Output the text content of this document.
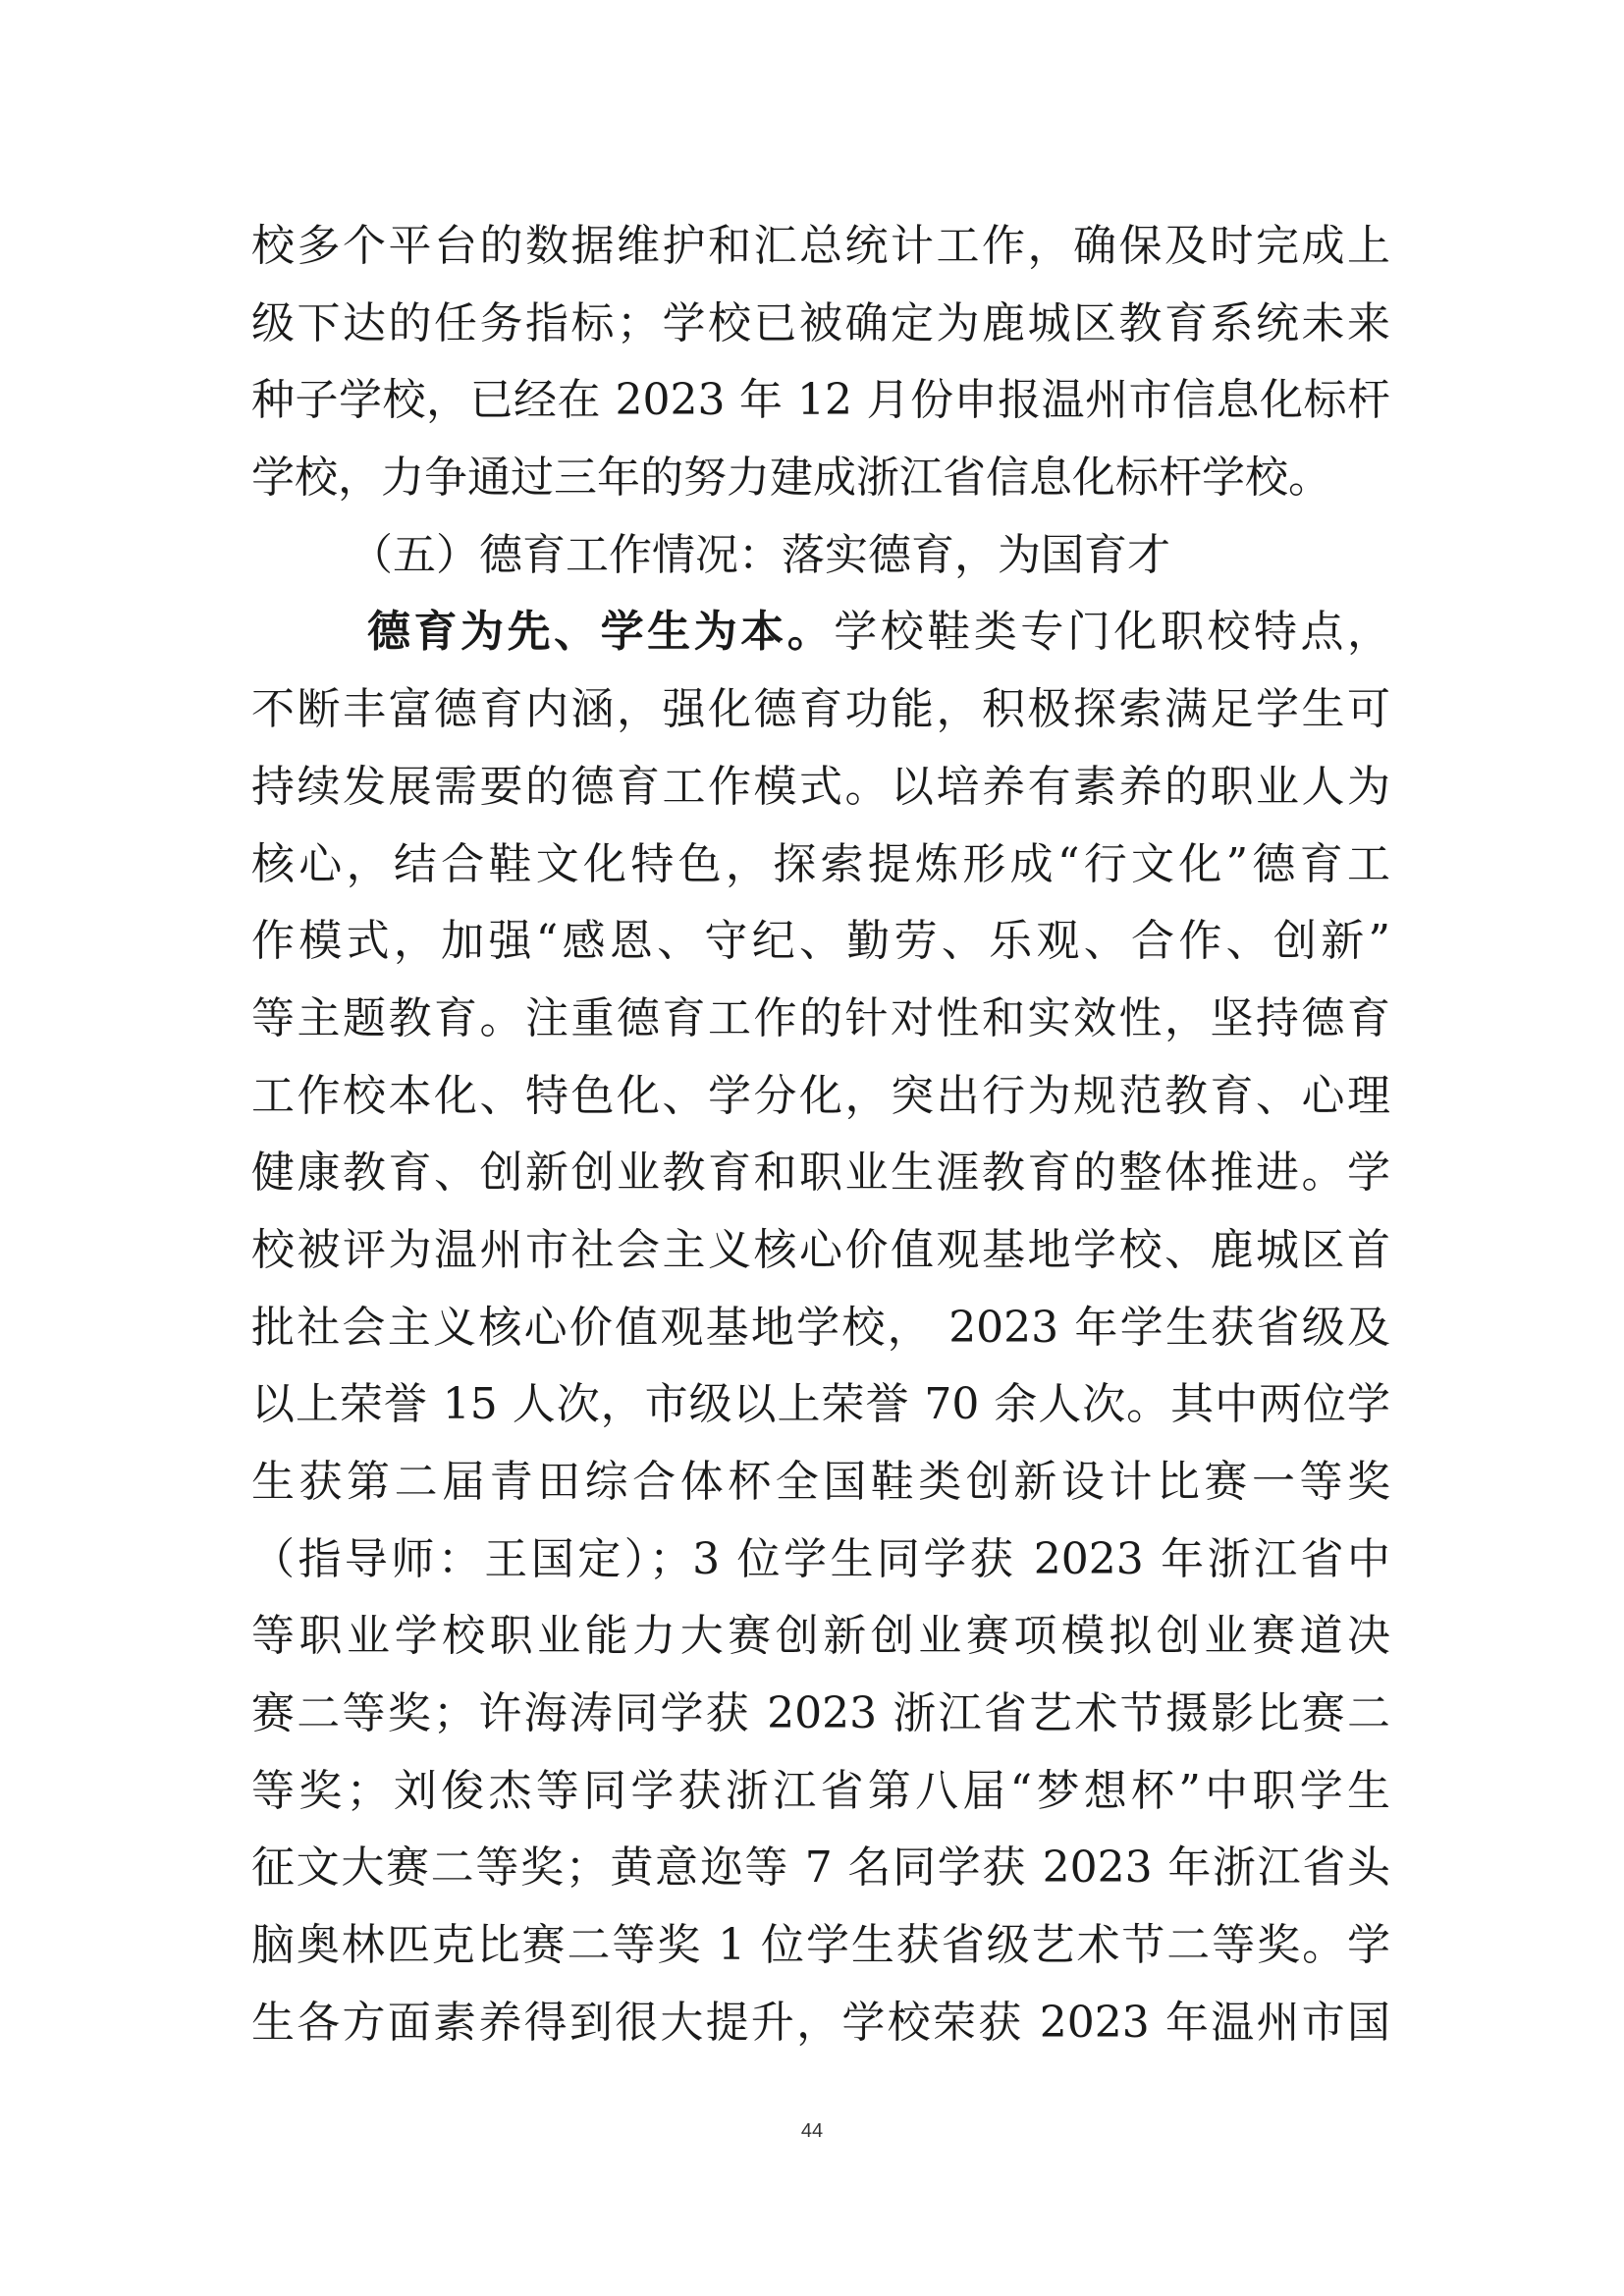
校多个平台的数据维护和汇总统计工作，确保及时完成上
级下达的任务指标；学校已被确定为鹿城区教育系统未来
种子学校，已经在 2023 年 12 月份申报温州市信息化标杆
学校，力争通过三年的努力建成浙江省信息化标杆学校。
（五）德育工作情况：落实德育，为国育才
德育为先、学生为本。学校鞋类专门化职校特点，
不断丰富德育内涵，强化德育功能，积极探索满足学生可
持续发展需要的德育工作模式。以培养有素养的职业人为
核心，结合鞋文化特色，探索提炼形成“行文化”德育工
作模式，加强“感恩、守纪、勤劳、乐观、合作、创新”
等主题教育。注重德育工作的针对性和实效性，坚持德育
工作校本化、特色化、学分化，突出行为规范教育、心理
健康教育、创新创业教育和职业生涯教育的整体推进。学
校被评为温州市社会主义核心价值观基地学校、鹿城区首
批社会主义核心价值观基地学校， 2023 年学生获省级及
以上荣誉 15 人次，市级以上荣誉 70 余人次。其中两位学
生获第二届青田综合体杯全国鞋类创新设计比赛一等奖
（指导师：王国定）；3 位学生同学获 2023 年浙江省中
等职业学校职业能力大赛创新创业赛项模拟创业赛道决
赛二等奖；许海涛同学获 2023 浙江省艺术节摄影比赛二
等奖；刘俊杰等同学获浙江省第八届“梦想杯”中职学生
征文大赛二等奖；黄意迩等 7 名同学获 2023 年浙江省头
脑奥林匹克比赛二等奖 1 位学生获省级艺术节二等奖。学
生各方面素养得到很大提升，学校荣获 2023 年温州市国
44
